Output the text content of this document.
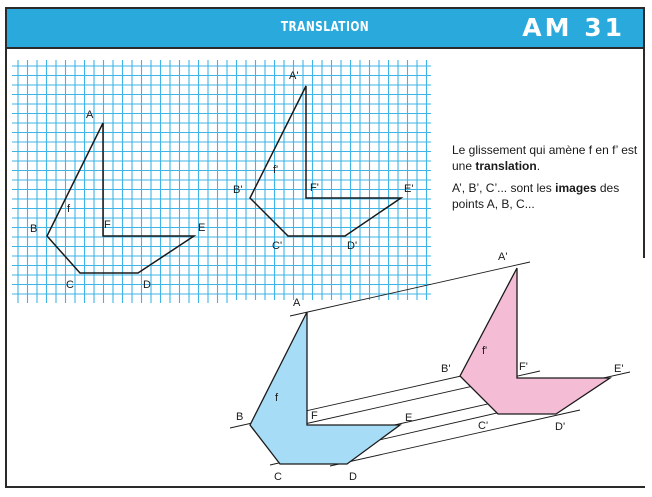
TRANSLATION	AM 31
A
B
C	D
E
F
f
A'
B'
C'	D'
E'
F'
f'
A
B
C	D
E
F
f
A'
B'
C'	D'
E'
F'
f'

Le glissement qui amène f en f’ est une translation.

A’, B’, C’... sont les images des points A, B, C...
